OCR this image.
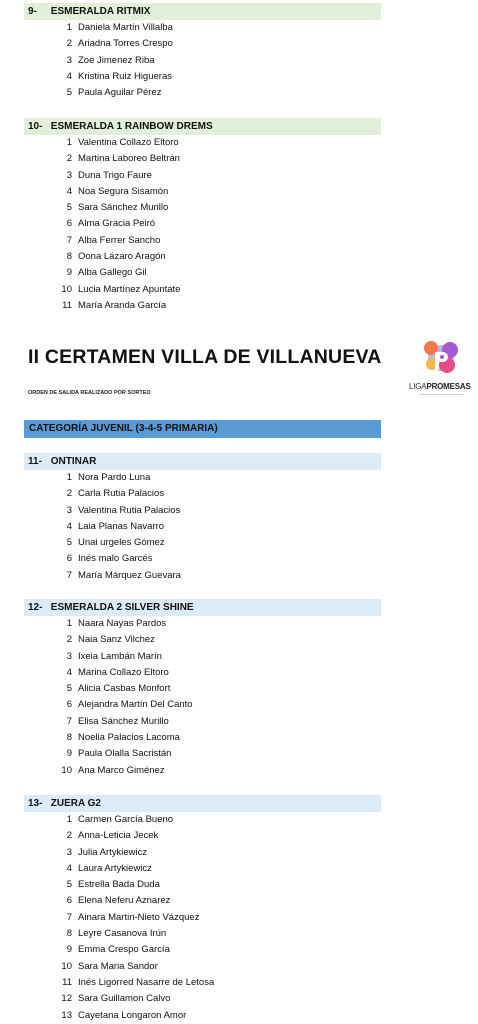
9- ESMERALDA RITMIX
1 Daniela Martín Villalba
2 Ariadna Torres Crespo
3 Zoe Jimenez Riba
4 Kristina Ruiz Higueras
5 Paula Aguilar Pérez
10- ESMERALDA 1 RAINBOW DREMS
1 Valentina Collazo Eltoro
2 Martina Laboreo Beltrán
3 Duna Trigo Faure
4 Noa Segura Sisamón
5 Sara Sánchez Murillo
6 Alma Gracia Peiró
7 Alba Ferrer Sancho
8 Oona Lázaro Aragón
9 Alba Gallego Gil
10 Lucia Martínez Apuntate
11 María Aranda García
II CERTAMEN VILLA DE VILLANUEVA
ORDEN DE SALIDA REALIZADO POR SORTEO
LIGAPROMESAS
CATEGORÍA JUVENIL (3-4-5 PRIMARIA)
11- ONTINAR
1 Nora Pardo Luna
2 Carla Rutia Palacios
3 Valentina Rutia Palacios
4 Laia Planas Navarro
5 Unai urgeles Gómez
6 Inés malo Garcés
7 María Márquez Guevara
12- ESMERALDA 2 SILVER SHINE
1 Naara Nayas Pardos
2 Naia Sanz Vilchez
3 Ixeia Lambán Marín
4 Marina Collazo Eltoro
5 Alicia Casbas Monfort
6 Alejandra Martín Del Canto
7 Elisa Sánchez Murillo
8 Noelia Palacios Lacoma
9 Paula Olalla Sacristán
10 Ana Marco Giménez
13- ZUERA G2
1 Carmen García Bueno
2 Anna-Leticia Jecek
3 Julia Artykiewicz
4 Laura Artykiewicz
5 Estrella Bada Duda
6 Elena Neferu Aznarez
7 Ainara Martin-Nieto Vázquez
8 Leyre Casanova Irún
9 Emma Crespo García
10 Sara Maria Sandor
11 Inés Ligorred Nasarre de Letosa
12 Sara Guillamon Calvo
13 Cayetana Longaron Amor
